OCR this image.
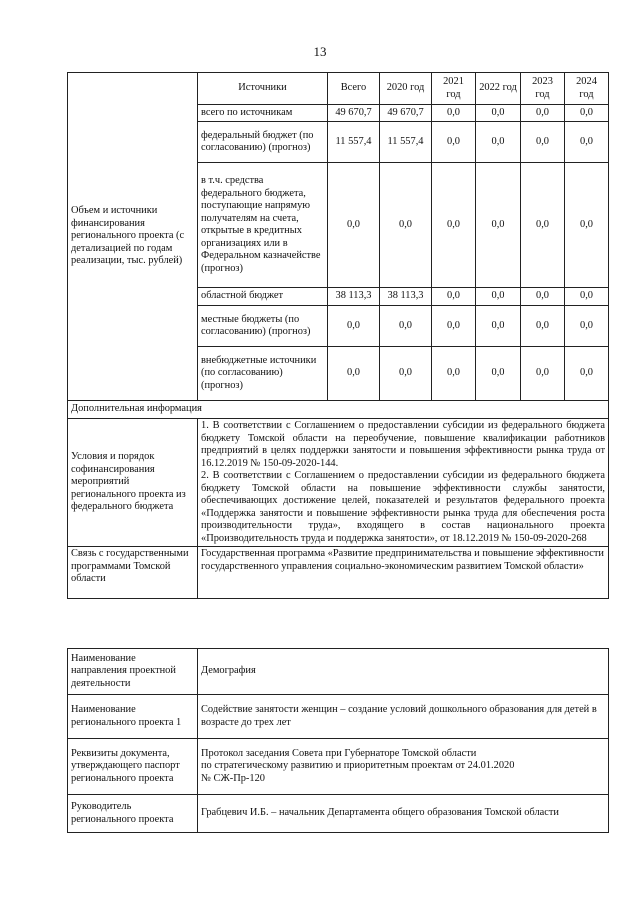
13
Объем и источники финансирования регионального проекта (с детализацией по годам реализации, тыс. рублей)	Источники	Всего	2020 год	2021 год	2022 год	2023 год	2024 год
	всего по источникам	49 670,7	49 670,7	0,0	0,0	0,0	0,0
	федеральный бюджет (по согласованию) (прогноз)	11 557,4	11 557,4	0,0	0,0	0,0	0,0
	в т.ч. средства федерального бюджета, поступающие напрямую получателям на счета, открытые в кредитных организациях или в Федеральном казначействе (прогноз)	0,0	0,0	0,0	0,0	0,0	0,0
	областной бюджет	38 113,3	38 113,3	0,0	0,0	0,0	0,0
	местные бюджеты (по согласованию) (прогноз)	0,0	0,0	0,0	0,0	0,0	0,0
	внебюджетные источники (по согласованию) (прогноз)	0,0	0,0	0,0	0,0	0,0	0,0
Дополнительная информация							
Условия и порядок софинансирования мероприятий регионального проекта из федерального бюджета	1. В соответствии с Соглашением о предоставлении субсидии из федерального бюджета бюджету Томской области на переобучение, повышение квалификации работников предприятий в целях поддержки занятости и повышения эффективности рынка труда от 16.12.2019 № 150-09-2020-144.
2. В соответствии с Соглашением о предоставлении субсидии из федерального бюджета бюджету Томской области на повышение эффективности службы занятости, обеспечивающих достижение целей, показателей и результатов федерального проекта «Поддержка занятости и повышение эффективности рынка труда для обеспечения роста производительности труда», входящего в состав национального проекта «Производительность труда и поддержка занятости», от 18.12.2019 № 150-09-2020-268						

Связь с государственными программами Томской области	Государственная программа «Развитие предпринимательства и повышение эффективности государственного управления социально-экономическим развитием Томской области»						
Наименование направления проектной деятельности	Демография
Наименование регионального проекта 1	Содействие занятости женщин – создание условий дошкольного образования для детей в возрасте до трех лет
Реквизиты документа, утверждающего паспорт регионального проекта	Протокол заседания Совета при Губернаторе Томской области
по стратегическому развитию и приоритетным проектам от 24.01.2020
№ СЖ-Пр-120

Руководитель регионального проекта	Грабцевич И.Б. – начальник Департамента общего образования Томской области
